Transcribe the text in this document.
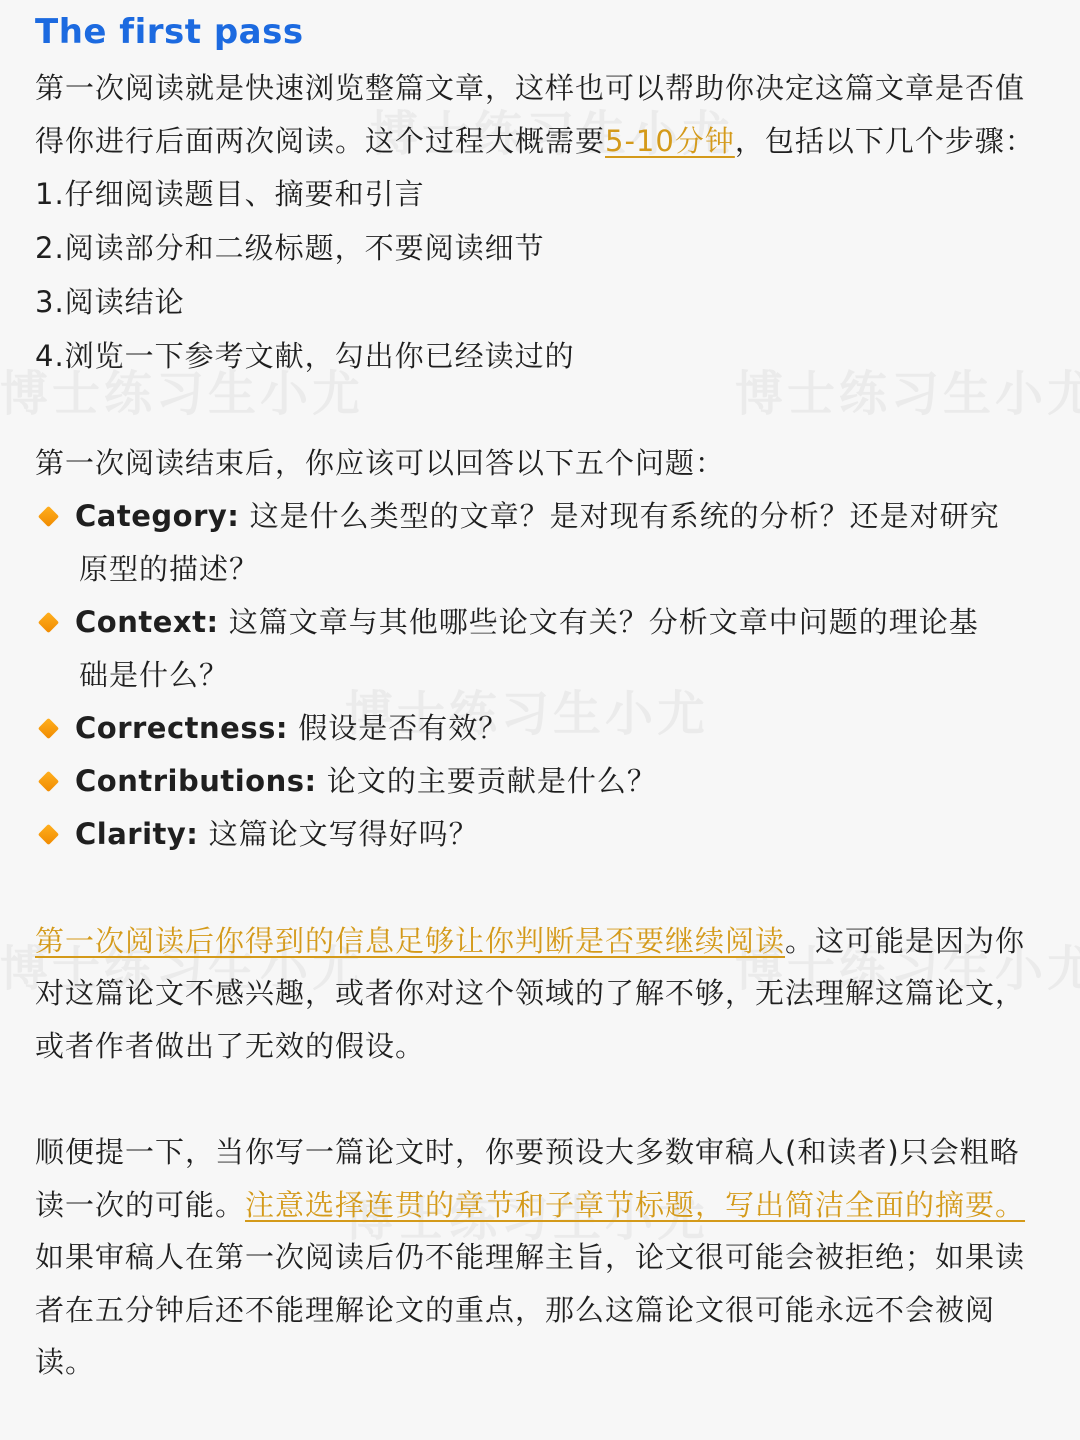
The first pass

第一次阅读就是快速浏览整篇文章，这样也可以帮助你决定这篇文章是否值得你进行后面两次阅读。这个过程大概需要5-10分钟，包括以下几个步骤：

1.仔细阅读题目、摘要和引言
2.阅读部分和二级标题，不要阅读细节
3.阅读结论
4.浏览一下参考文献，勾出你已经读过的

第一次阅读结束后，你应该可以回答以下五个问题：

Category: 这是什么类型的文章？是对现有系统的分析？还是对研究
原型的描述？
Context: 这篇文章与其他哪些论文有关？分析文章中问题的理论基
础是什么？
Correctness: 假设是否有效？
Contributions: 论文的主要贡献是什么？
Clarity: 这篇论文写得好吗？

第一次阅读后你得到的信息足够让你判断是否要继续阅读。这可能是因为你对这篇论文不感兴趣，或者你对这个领域的了解不够，无法理解这篇论文，或者作者做出了无效的假设。

顺便提一下，当你写一篇论文时，你要预设大多数审稿人(和读者)只会粗略读一次的可能。注意选择连贯的章节和子章节标题，写出简洁全面的摘要。如果审稿人在第一次阅读后仍不能理解主旨，论文很可能会被拒绝；如果读者在五分钟后还不能理解论文的重点，那么这篇论文很可能永远不会被阅读。
